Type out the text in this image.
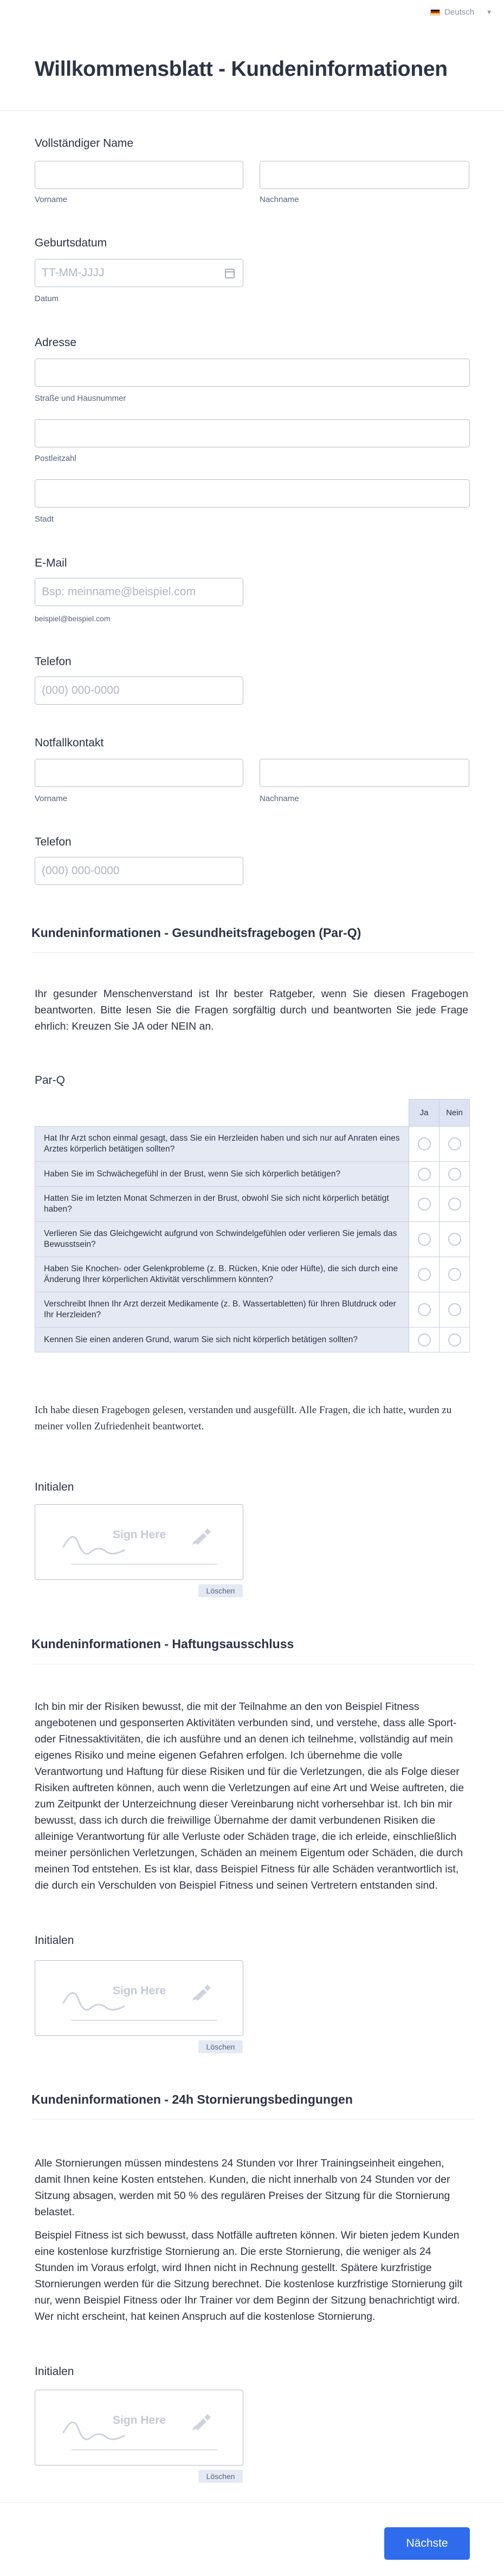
Deutsch ▼
Willkommensblatt - Kundeninformationen
Vollständiger Name
Vorname	Nachname
Geburtsdatum
TT-MM-JJJJ
Datum
Adresse
Straße und Hausnummer
Postleitzahl
Stadt
E-Mail
Bsp: meinname@beispiel.com
beispiel@beispiel.com
Telefon
(000) 000-0000
Notfallkontakt
Vorname	Nachname
Telefon
(000) 000-0000
Kundeninformationen - Gesundheitsfragebogen (Par-Q)
Ihr gesunder Menschenverstand ist Ihr bester Ratgeber, wenn Sie diesen Fragebogen beantworten. Bitte lesen Sie die Fragen sorgfältig durch und beantworten Sie jede Frage ehrlich: Kreuzen Sie JA oder NEIN an.
Par-Q
	Ja	Nein
Hat Ihr Arzt schon einmal gesagt, dass Sie ein Herzleiden haben und sich nur auf Anraten eines Arztes körperlich betätigen sollten?		
Haben Sie im Schwächegefühl in der Brust, wenn Sie sich körperlich betätigen?		
Hatten Sie im letzten Monat Schmerzen in der Brust, obwohl Sie sich nicht körperlich betätigt haben?		
Verlieren Sie das Gleichgewicht aufgrund von Schwindelgefühlen oder verlieren Sie jemals das Bewusstsein?		
Haben Sie Knochen- oder Gelenkprobleme (z. B. Rücken, Knie oder Hüfte), die sich durch eine Änderung Ihrer körperlichen Aktivität verschlimmern könnten?		
Verschreibt Ihnen Ihr Arzt derzeit Medikamente (z. B. Wassertabletten) für Ihren Blutdruck oder Ihr Herzleiden?		
Kennen Sie einen anderen Grund, warum Sie sich nicht körperlich betätigen sollten?		
Ich habe diesen Fragebogen gelesen, verstanden und ausgefüllt. Alle Fragen, die ich hatte, wurden zu meiner vollen Zufriedenheit beantwortet.
Initialen
Sign Here
Löschen
Kundeninformationen - Haftungsausschluss
Ich bin mir der Risiken bewusst, die mit der Teilnahme an den von Beispiel Fitness angebotenen und gesponserten Aktivitäten verbunden sind, und verstehe, dass alle Sport- oder Fitnessaktivitäten, die ich ausführe und an denen ich teilnehme, vollständig auf mein eigenes Risiko und meine eigenen Gefahren erfolgen. Ich übernehme die volle Verantwortung und Haftung für diese Risiken und für die Verletzungen, die als Folge dieser Risiken auftreten können, auch wenn die Verletzungen auf eine Art und Weise auftreten, die zum Zeitpunkt der Unterzeichnung dieser Vereinbarung nicht vorhersehbar ist. Ich bin mir bewusst, dass ich durch die freiwillige Übernahme der damit verbundenen Risiken die alleinige Verantwortung für alle Verluste oder Schäden trage, die ich erleide, einschließlich meiner persönlichen Verletzungen, Schäden an meinem Eigentum oder Schäden, die durch meinen Tod entstehen. Es ist klar, dass Beispiel Fitness für alle Schäden verantwortlich ist, die durch ein Verschulden von Beispiel Fitness und seinen Vertretern entstanden sind.
Initialen
Sign Here
Löschen
Kundeninformationen - 24h Stornierungsbedingungen
Alle Stornierungen müssen mindestens 24 Stunden vor Ihrer Trainingseinheit eingehen, damit Ihnen keine Kosten entstehen. Kunden, die nicht innerhalb von 24 Stunden vor der Sitzung absagen, werden mit 50 % des regulären Preises der Sitzung für die Stornierung belastet.
Beispiel Fitness ist sich bewusst, dass Notfälle auftreten können. Wir bieten jedem Kunden eine kostenlose kurzfristige Stornierung an. Die erste Stornierung, die weniger als 24 Stunden im Voraus erfolgt, wird Ihnen nicht in Rechnung gestellt. Spätere kurzfristige Stornierungen werden für die Sitzung berechnet. Die kostenlose kurzfristige Stornierung gilt nur, wenn Beispiel Fitness oder Ihr Trainer vor dem Beginn der Sitzung benachrichtigt wird. Wer nicht erscheint, hat keinen Anspruch auf die kostenlose Stornierung.
Initialen
Sign Here
Löschen
Nächste
